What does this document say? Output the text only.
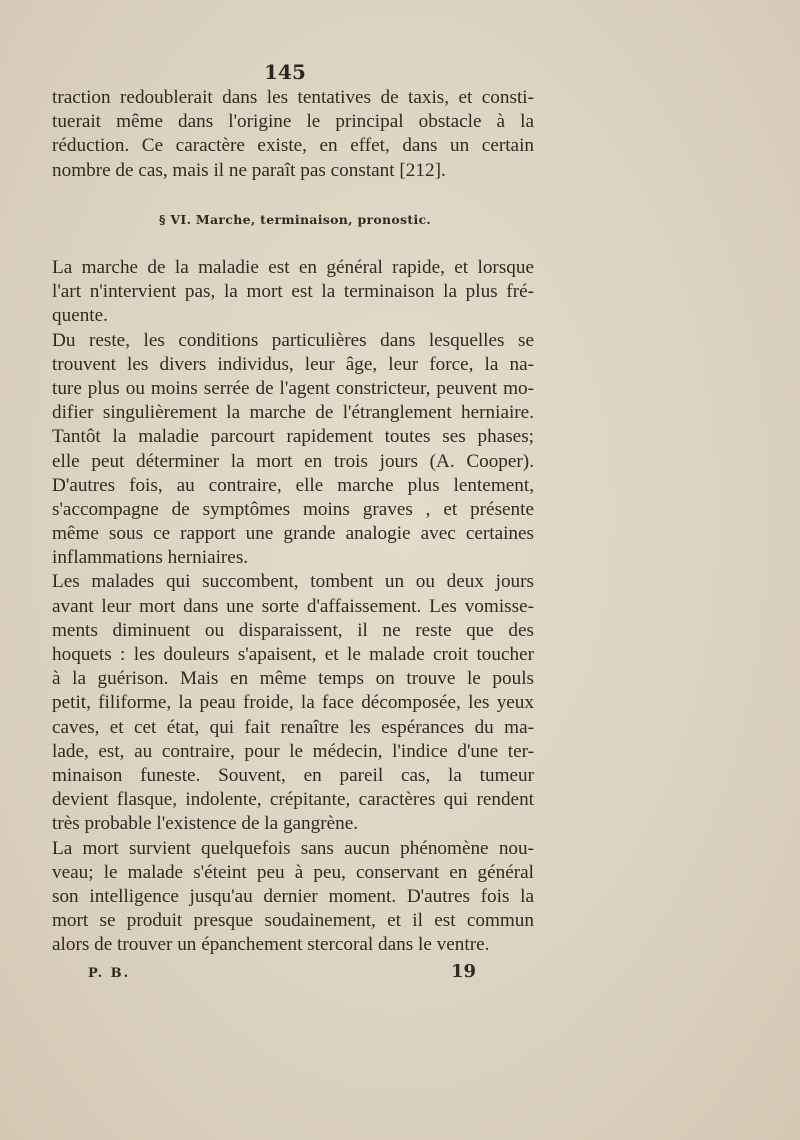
145
traction redoublerait dans les tentatives de taxis, et consti-
tuerait même dans l'origine le principal obstacle à la
réduction. Ce caractère existe, en effet, dans un certain
nombre de cas, mais il ne paraît pas constant [212].
§ VI. Marche, terminaison, pronostic.
La marche de la maladie est en général rapide, et lorsque
l'art n'intervient pas, la mort est la terminaison la plus fré-
quente.
Du reste, les conditions particulières dans lesquelles se
trouvent les divers individus, leur âge, leur force, la na-
ture plus ou moins serrée de l'agent constricteur, peuvent mo-
difier singulièrement la marche de l'étranglement herniaire.
Tantôt la maladie parcourt rapidement toutes ses phases;
elle peut déterminer la mort en trois jours (A. Cooper).
D'autres fois, au contraire, elle marche plus lentement,
s'accompagne de symptômes moins graves , et présente
même sous ce rapport une grande analogie avec certaines
inflammations herniaires.
Les malades qui succombent, tombent un ou deux jours
avant leur mort dans une sorte d'affaissement. Les vomisse-
ments diminuent ou disparaissent, il ne reste que des
hoquets : les douleurs s'apaisent, et le malade croit toucher
à la guérison. Mais en même temps on trouve le pouls
petit, filiforme, la peau froide, la face décomposée, les yeux
caves, et cet état, qui fait renaître les espérances du ma-
lade, est, au contraire, pour le médecin, l'indice d'une ter-
minaison funeste. Souvent, en pareil cas, la tumeur
devient flasque, indolente, crépitante, caractères qui rendent
très probable l'existence de la gangrène.
La mort survient quelquefois sans aucun phénomène nou-
veau; le malade s'éteint peu à peu, conservant en général
son intelligence jusqu'au dernier moment. D'autres fois la
mort se produit presque soudainement, et il est commun
alors de trouver un épanchement stercoral dans le ventre.
P. B.	19
